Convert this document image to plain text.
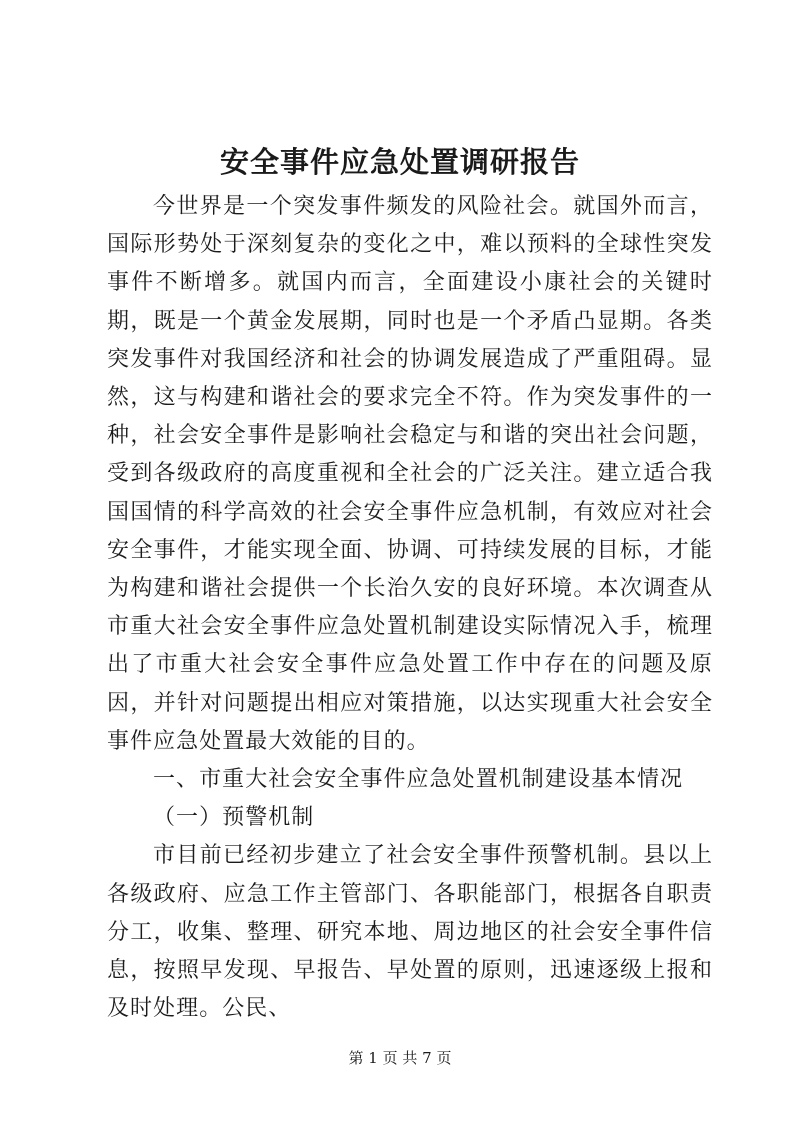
安全事件应急处置调研报告

今世界是一个突发事件频发的风险社会。就国外而言，国际形势处于深刻复杂的变化之中，难以预料的全球性突发事件不断增多。就国内而言，全面建设小康社会的关键时期，既是一个黄金发展期，同时也是一个矛盾凸显期。各类突发事件对我国经济和社会的协调发展造成了严重阻碍。显然，这与构建和谐社会的要求完全不符。作为突发事件的一种，社会安全事件是影响社会稳定与和谐的突出社会问题，受到各级政府的高度重视和全社会的广泛关注。建立适合我国国情的科学高效的社会安全事件应急机制，有效应对社会安全事件，才能实现全面、协调、可持续发展的目标，才能为构建和谐社会提供一个长治久安的良好环境。本次调查从市重大社会安全事件应急处置机制建设实际情况入手，梳理出了市重大社会安全事件应急处置工作中存在的问题及原因，并针对问题提出相应对策措施，以达实现重大社会安全事件应急处置最大效能的目的。

一、市重大社会安全事件应急处置机制建设基本情况

（一）预警机制

市目前已经初步建立了社会安全事件预警机制。县以上各级政府、应急工作主管部门、各职能部门，根据各自职责分工，收集、整理、研究本地、周边地区的社会安全事件信息，按照早发现、早报告、早处置的原则，迅速逐级上报和及时处理。公民、

第 1 页 共 7 页
